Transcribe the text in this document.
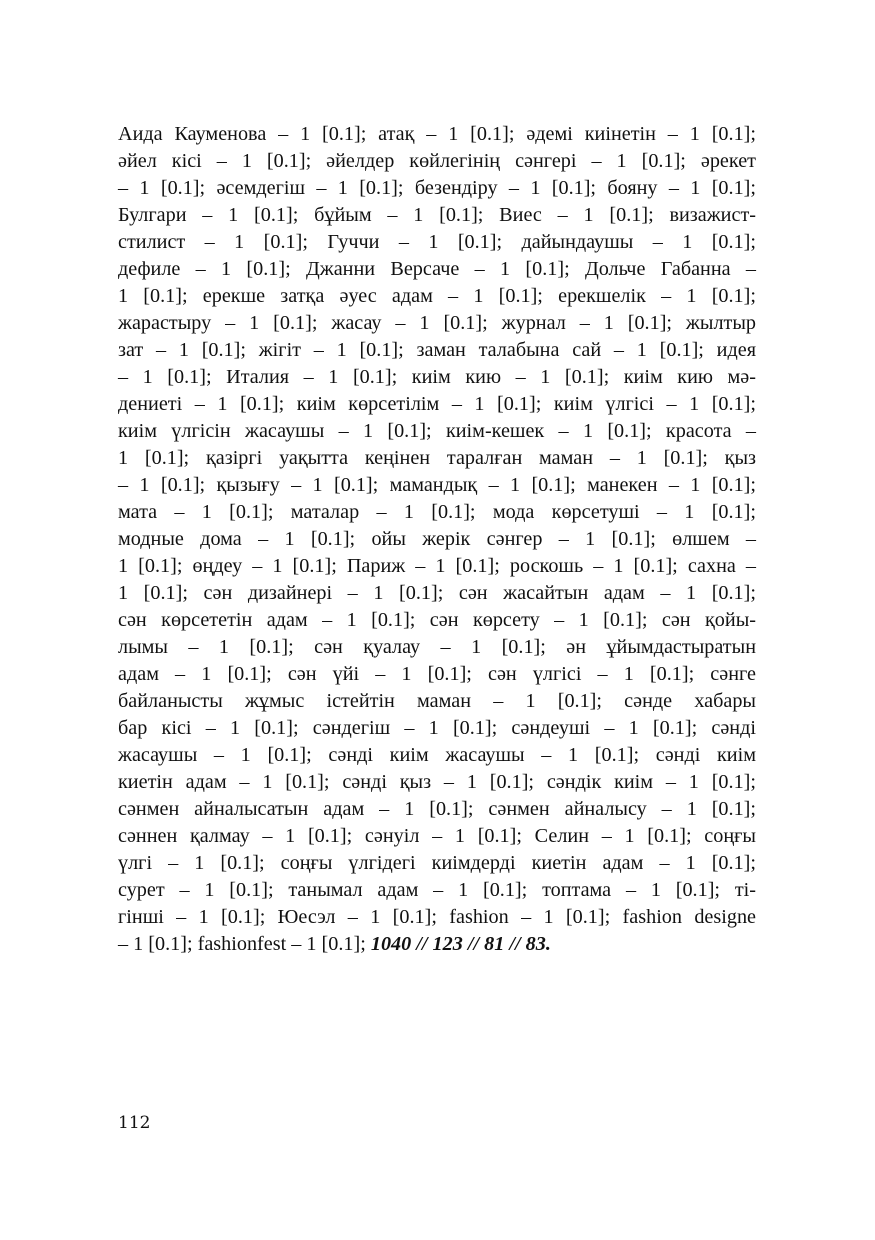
Аида Кауменова – 1 [0.1]; атақ – 1 [0.1]; әдемі киінетін – 1 [0.1];
әйел кісі – 1 [0.1]; әйелдер көйлегінің сәнгері – 1 [0.1]; әрекет
– 1 [0.1]; әсемдегіш – 1 [0.1]; безендіру – 1 [0.1]; бояну – 1 [0.1];
Булгари – 1 [0.1]; бұйым – 1 [0.1]; Виес – 1 [0.1]; визажист-
стилист – 1 [0.1]; Гуччи – 1 [0.1]; дайындаушы – 1 [0.1];
дефиле – 1 [0.1]; Джанни Версаче – 1 [0.1]; Дольче Габанна –
1 [0.1]; ерекше затқа әуес адам – 1 [0.1]; ерекшелік – 1 [0.1];
жарастыру – 1 [0.1]; жасау – 1 [0.1]; журнал – 1 [0.1]; жылтыр
зат – 1 [0.1]; жігіт – 1 [0.1]; заман талабына сай – 1 [0.1]; идея
– 1 [0.1]; Италия – 1 [0.1]; киім кию – 1 [0.1]; киім кию мә-
дениеті – 1 [0.1]; киім көрсетілім – 1 [0.1]; киім үлгісі – 1 [0.1];
киім үлгісін жасаушы – 1 [0.1]; киім-кешек – 1 [0.1]; красота –
1 [0.1]; қазіргі уақытта кеңінен таралған маман – 1 [0.1]; қыз
– 1 [0.1]; қызығу – 1 [0.1]; мамандық – 1 [0.1]; манекен – 1 [0.1];
мата – 1 [0.1]; маталар – 1 [0.1]; мода көрсетуші – 1 [0.1];
модные дома – 1 [0.1]; ойы жерік сәнгер – 1 [0.1]; өлшем –
1 [0.1]; өңдеу – 1 [0.1]; Париж – 1 [0.1]; роскошь – 1 [0.1]; сахна –
1 [0.1]; сән дизайнері – 1 [0.1]; сән жасайтын адам – 1 [0.1];
сән көрсететін адам – 1 [0.1]; сән көрсету – 1 [0.1]; сән қойы-
лымы – 1 [0.1]; сән қуалау – 1 [0.1]; ән ұйымдастыратын
адам – 1 [0.1]; сән үйі – 1 [0.1]; сән үлгісі – 1 [0.1]; сәнге
байланысты жұмыс істейтін маман – 1 [0.1]; сәнде хабары
бар кісі – 1 [0.1]; сәндегіш – 1 [0.1]; сәндеуші – 1 [0.1]; сәнді
жасаушы – 1 [0.1]; сәнді киім жасаушы – 1 [0.1]; сәнді киім
киетін адам – 1 [0.1]; сәнді қыз – 1 [0.1]; сәндік киім – 1 [0.1];
сәнмен айналысатын адам – 1 [0.1]; сәнмен айналысу – 1 [0.1];
сәннен қалмау – 1 [0.1]; сәнуіл – 1 [0.1]; Селин – 1 [0.1]; соңғы
үлгі – 1 [0.1]; соңғы үлгідегі киімдерді киетін адам – 1 [0.1];
сурет – 1 [0.1]; танымал адам – 1 [0.1]; топтама – 1 [0.1]; ті-
гінші – 1 [0.1]; Юесэл – 1 [0.1]; fashion – 1 [0.1]; fashion designe
– 1 [0.1]; fashionfest – 1 [0.1]; 1040 // 123 // 81 // 83.
112
